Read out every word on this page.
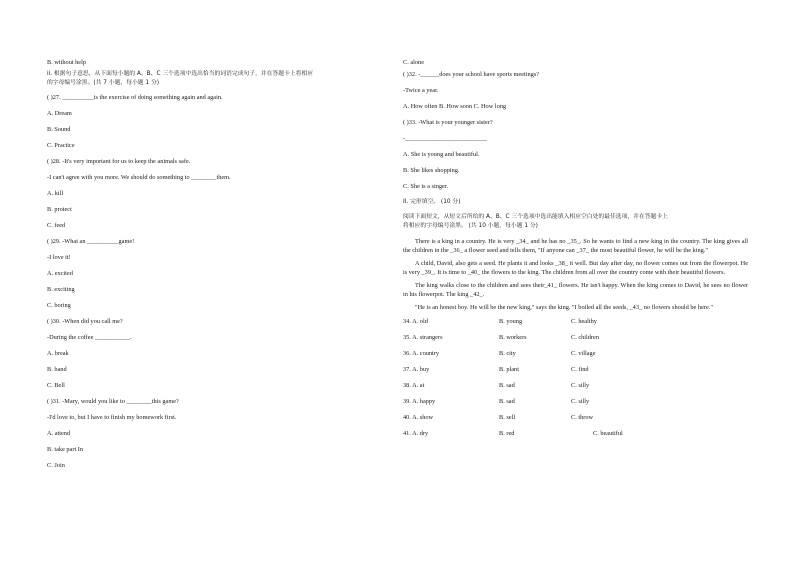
B. without help

ii. 根据句子意思，从下面每小题的 A、B、C 三个选项中选出恰当的词语完成句子，并在答题卡上将相应

的字母编号涂黑。(共 7 小题，每小题 1 分)

( )27. __________is the exercise of doing something again and again.

A. Dream

B. Sound

C. Practice

( )28. -It's very important for us to keep the animals safe.

-I can't agree with you more. We should do something to ________them.

A. kill

B. protect

C. feed

( )29. -What an __________game!

-I love it!

A. excited

B. exciting

C. boring

( )30. -When did you call me?

-During the coffee ___________.

A. break

B. band

C. Bell

( )31. -Mary, would you like to ________this game?

-I'd love to, but I have to finish my homework first.

A. attend

B. take part In

C. Join

C. alone

( )32. -______does your school have sports meetings?

-Twice a year.

A. How often B. How soon C. How long

( )33. -What is your younger sister?

-__________________________

A. She is young and beautiful.

B. She likes shopping.

C. She is a singer.

II. 完形填空。 (10 分)

阅读下面短文，从短文后所给的 A、B、C 三个选项中选出能填入相应空白处的最佳选项，并在答题卡上

将相应的字母编号涂黑。 (共 10 小题，每小题 1 分)

There is a king in a country. He is very _34_ and he has no _35_. So he wants to find a new king in the country. The king gives all the children in the _36_ a flower seed and tells them, "If anyone can _37_ the most beautiful flower, he will be the king."

A child, David, also gets a seed. He plants it and looks _38_ it well. But day after day, no flower comes out from the flowerpot. He is very _39_. It is time to _40_ the flowers to the king. The children from all over the country come with their beautiful flowers.

The king walks close to the children and sees their_41_ flowers. He isn't happy. When the king comes to David, he sees no flower in his flowerpot. The king _42_.

"He is an honest boy. He will be the new king," says the king. "I boiled all the seeds, _43_ no flowers should be here."

34. A. old	B. young	C. healthy
35. A. strangers	B. workers	C. children
36. A. country	B. city	C. village
37. A. buy	B. plant	C. find
38. A. at	B. sad	C. silly
39. A. happy	B. sad	C. silly
40. A. show	B. sell	C. throw
41. A. dry	B. red	C. beautiful
